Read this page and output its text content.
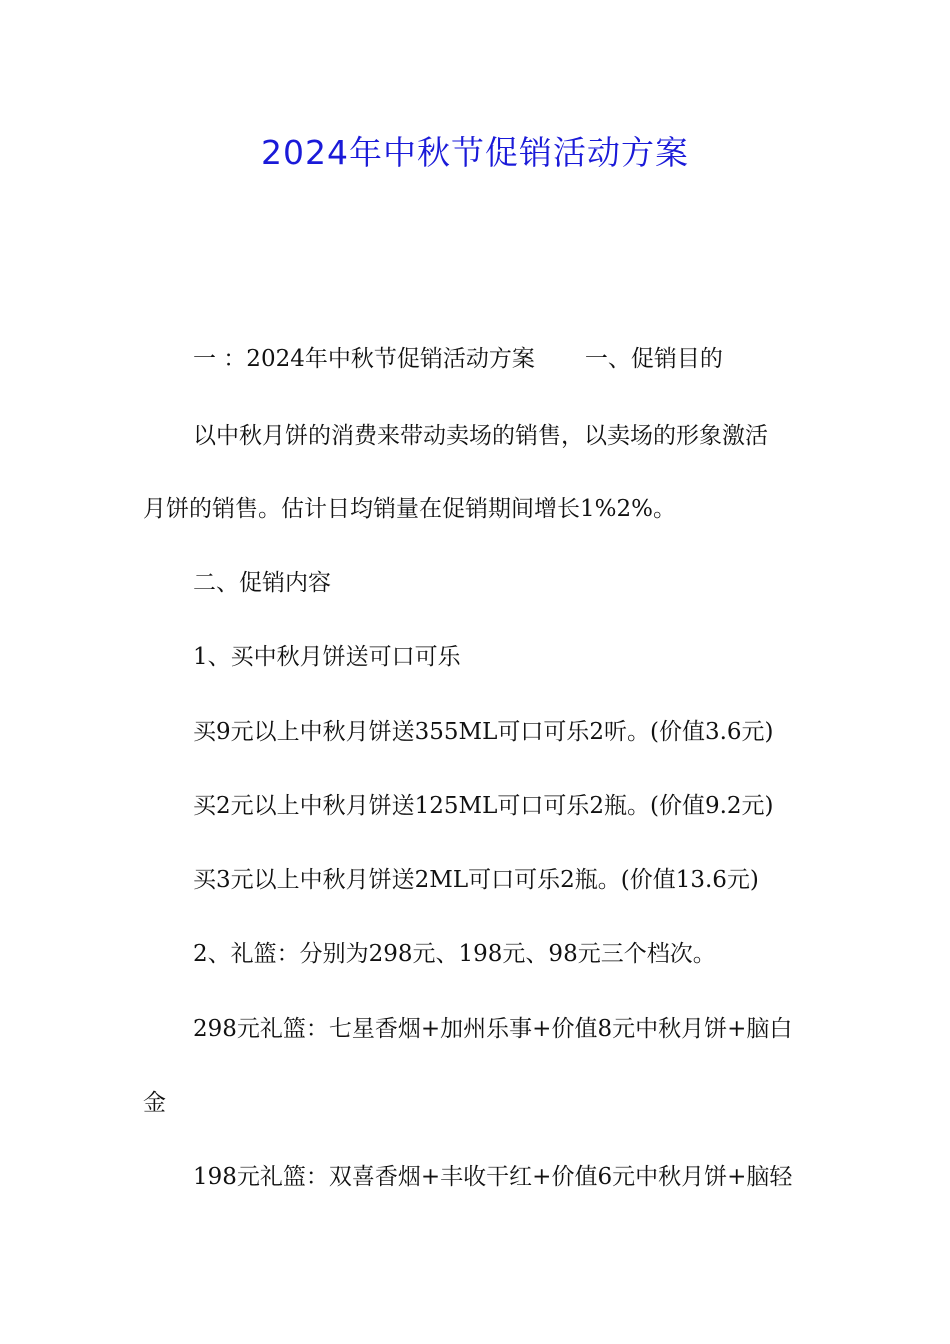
2024年中秋节促销活动方案

一 ：2024年中秋节促销活动方案 一、促销目的

以中秋月饼的消费来带动卖场的销售，以卖场的形象激活

月饼的销售。估计日均销量在促销期间增长1%2%。

二、促销内容

1、买中秋月饼送可口可乐

买9元以上中秋月饼送355ML可口可乐2听。(价值3.6元)

买2元以上中秋月饼送125ML可口可乐2瓶。(价值9.2元)

买3元以上中秋月饼送2ML可口可乐2瓶。(价值13.6元)

2、礼篮：分别为298元、198元、98元三个档次。

298元礼篮：七星香烟+加州乐事+价值8元中秋月饼+脑白

金

198元礼篮：双喜香烟+丰收干红+价值6元中秋月饼+脑轻
